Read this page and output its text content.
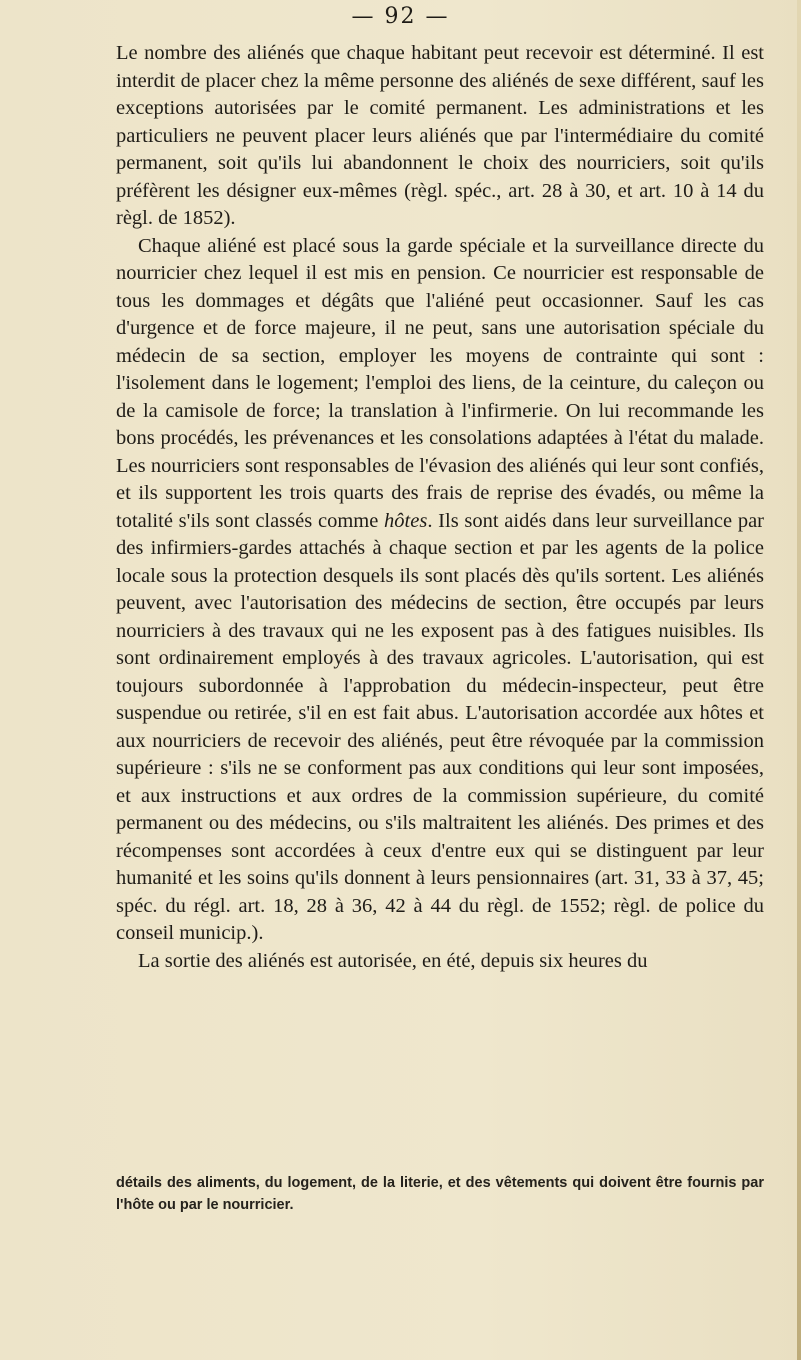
— 92 —

Le nombre des aliénés que chaque habitant peut recevoir est déterminé. Il est interdit de placer chez la même personne des aliénés de sexe différent, sauf les exceptions autorisées par le comité permanent. Les administrations et les particuliers ne peuvent placer leurs aliénés que par l'intermédiaire du comité permanent, soit qu'ils lui abandonnent le choix des nourriciers, soit qu'ils préfèrent les désigner eux-mêmes (règl. spéc., art. 28 à 30, et art. 10 à 14 du règl. de 1852).

Chaque aliéné est placé sous la garde spéciale et la surveillance directe du nourricier chez lequel il est mis en pension. Ce nourricier est responsable de tous les dommages et dégâts que l'aliéné peut occasionner. Sauf les cas d'urgence et de force majeure, il ne peut, sans une autorisation spéciale du médecin de sa section, employer les moyens de contrainte qui sont : l'isolement dans le logement; l'emploi des liens, de la ceinture, du caleçon ou de la camisole de force; la translation à l'infirmerie. On lui recommande les bons procédés, les prévenances et les consolations adaptées à l'état du malade. Les nourriciers sont responsables de l'évasion des aliénés qui leur sont confiés, et ils supportent les trois quarts des frais de reprise des évadés, ou même la totalité s'ils sont classés comme hôtes. Ils sont aidés dans leur surveillance par des infirmiers-gardes attachés à chaque section et par les agents de la police locale sous la protection desquels ils sont placés dès qu'ils sortent. Les aliénés peuvent, avec l'autorisation des médecins de section, être occupés par leurs nourriciers à des travaux qui ne les exposent pas à des fatigues nuisibles. Ils sont ordinairement employés à des travaux agricoles. L'autorisation, qui est toujours subordonnée à l'approbation du médecin-inspecteur, peut être suspendue ou retirée, s'il en est fait abus. L'autorisation accordée aux hôtes et aux nourriciers de recevoir des aliénés, peut être révoquée par la commission supérieure : s'ils ne se conforment pas aux conditions qui leur sont imposées, et aux instructions et aux ordres de la commission supérieure, du comité permanent ou des médecins, ou s'ils maltraitent les aliénés. Des primes et des récompenses sont accordées à ceux d'entre eux qui se distinguent par leur humanité et les soins qu'ils donnent à leurs pensionnaires (art. 31, 33 à 37, 45; spéc. du régl. art. 18, 28 à 36, 42 à 44 du règl. de 1552; règl. de police du conseil municip.).

La sortie des aliénés est autorisée, en été, depuis six heures du

détails des aliments, du logement, de la literie, et des vêtements qui doivent être fournis par l'hôte ou par le nourricier.
